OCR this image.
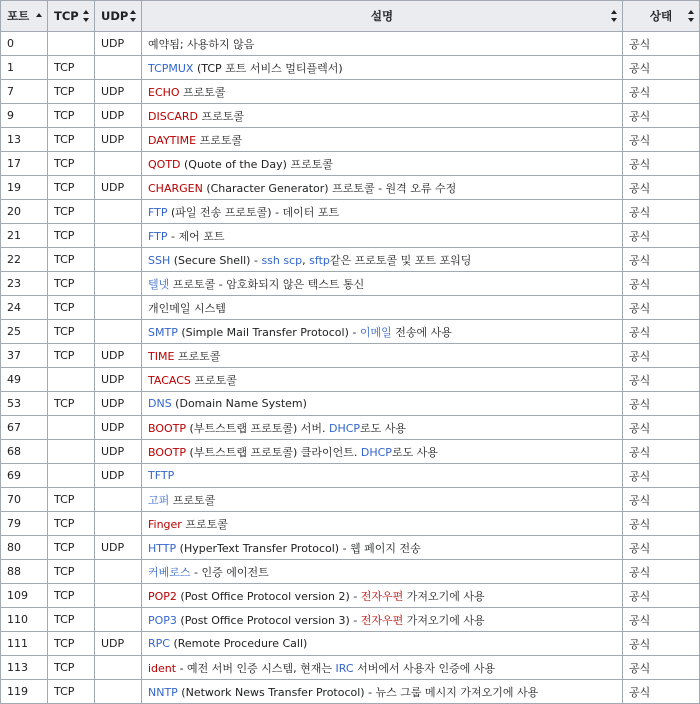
포트	TCP	UDP	설명	상태

0		UDP	예약됨; 사용하지 않음	공식
1	TCP		TCPMUX (TCP 포트 서비스 멀티플렉서)	공식
7	TCP	UDP	ECHO 프로토콜	공식
9	TCP	UDP	DISCARD 프로토콜	공식
13	TCP	UDP	DAYTIME 프로토콜	공식
17	TCP		QOTD (Quote of the Day) 프로토콜	공식
19	TCP	UDP	CHARGEN (Character Generator) 프로토콜 - 원격 오류 수정	공식
20	TCP		FTP (파일 전송 프로토콜) - 데이터 포트	공식
21	TCP		FTP - 제어 포트	공식
22	TCP		SSH (Secure Shell) - ssh scp, sftp같은 프로토콜 및 포트 포워딩	공식
23	TCP		텔넷 프로토콜 - 암호화되지 않은 텍스트 통신	공식
24	TCP		개인메일 시스템	공식
25	TCP		SMTP (Simple Mail Transfer Protocol) - 이메일 전송에 사용	공식
37	TCP	UDP	TIME 프로토콜	공식
49		UDP	TACACS 프로토콜	공식
53	TCP	UDP	DNS (Domain Name System)	공식
67		UDP	BOOTP (부트스트랩 프로토콜) 서버. DHCP로도 사용	공식
68		UDP	BOOTP (부트스트랩 프로토콜) 클라이언트. DHCP로도 사용	공식
69		UDP	TFTP	공식
70	TCP		고퍼 프로토콜	공식
79	TCP		Finger 프로토콜	공식
80	TCP	UDP	HTTP (HyperText Transfer Protocol) - 웹 페이지 전송	공식
88	TCP		커베로스 - 인증 에이전트	공식
109	TCP		POP2 (Post Office Protocol version 2) - 전자우편 가져오기에 사용	공식
110	TCP		POP3 (Post Office Protocol version 3) - 전자우편 가져오기에 사용	공식
111	TCP	UDP	RPC (Remote Procedure Call)	공식
113	TCP		ident - 예전 서버 인증 시스템, 현재는 IRC 서버에서 사용자 인증에 사용	공식
119	TCP		NNTP (Network News Transfer Protocol) - 뉴스 그룹 메시지 가져오기에 사용	공식
